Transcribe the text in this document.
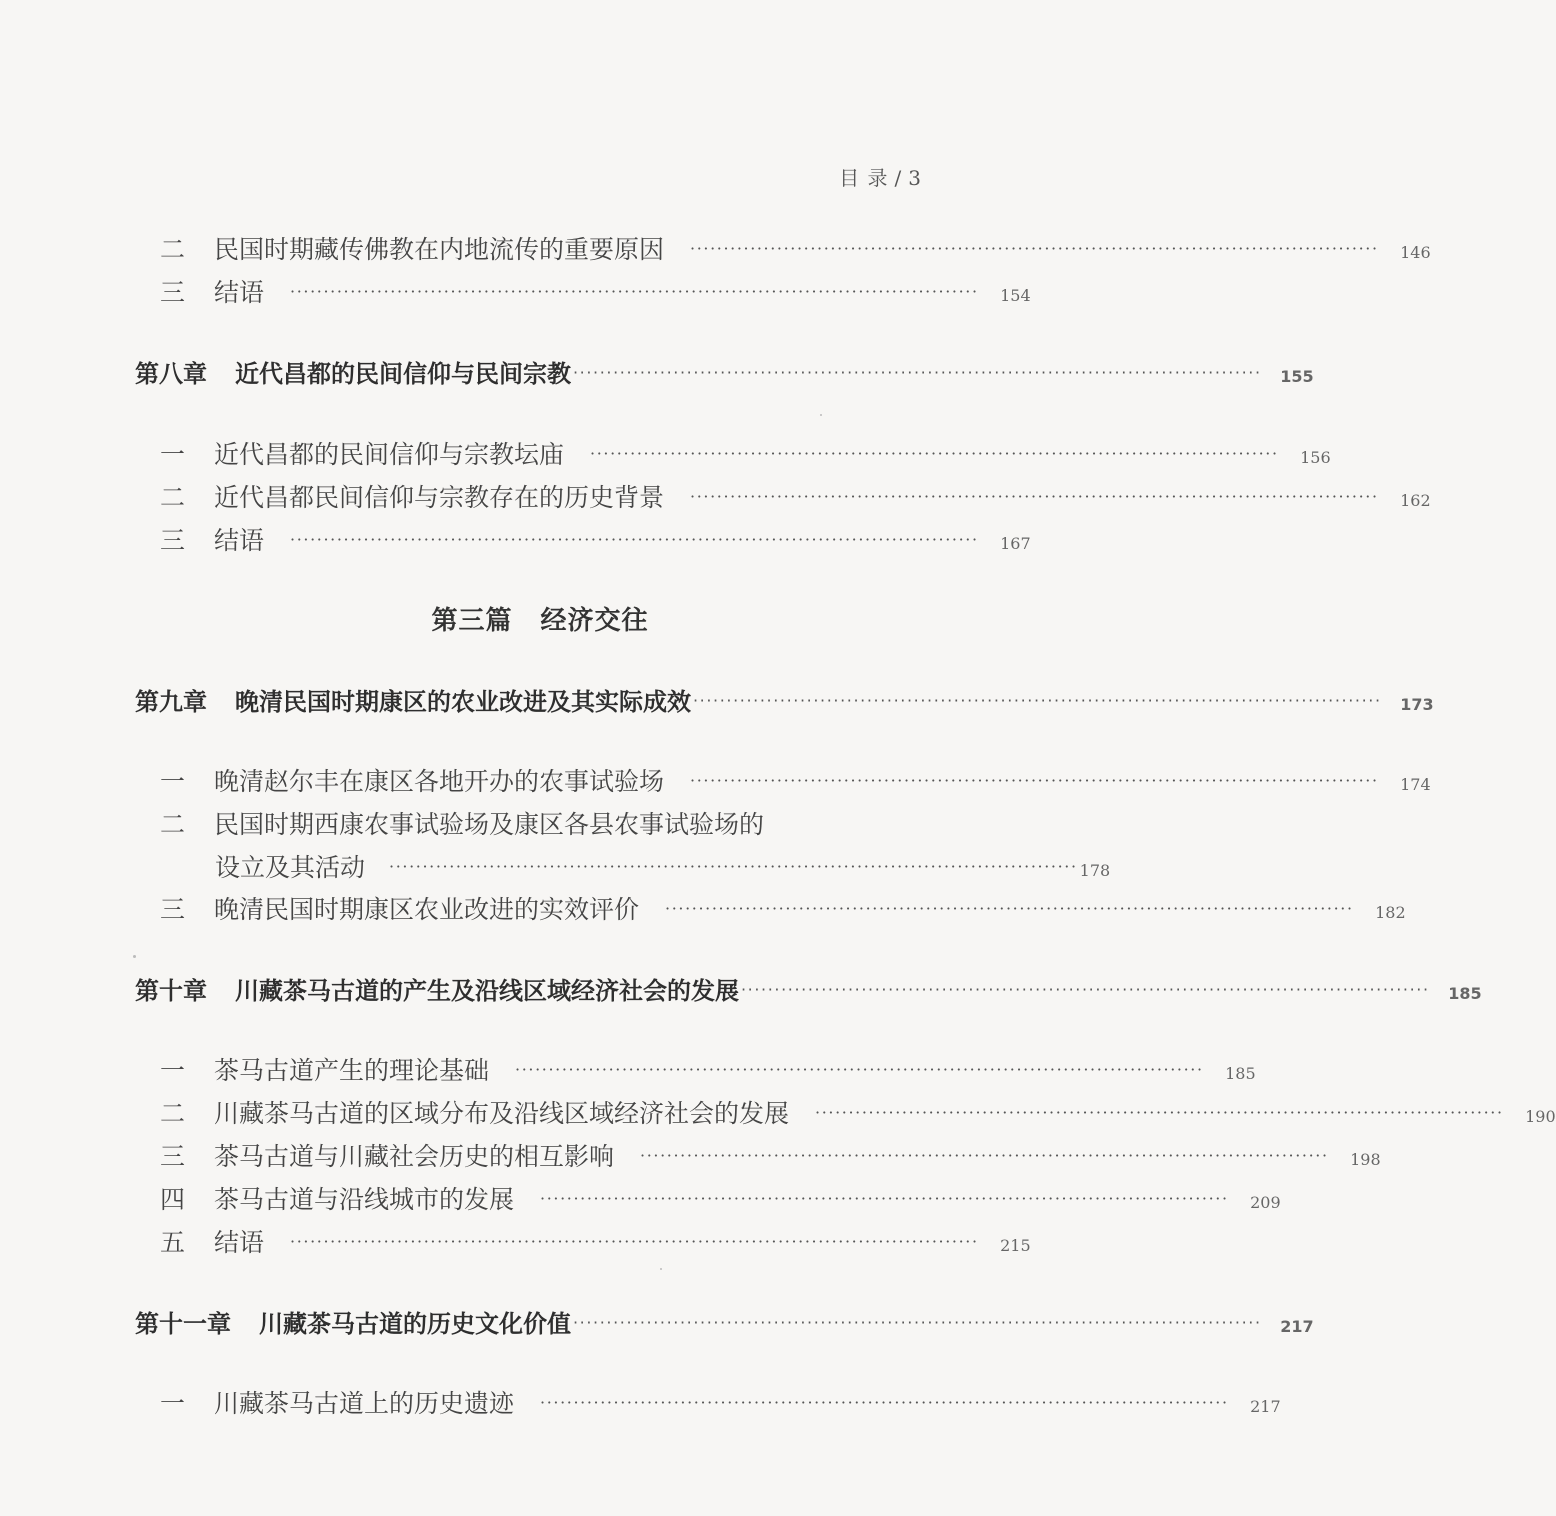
目 录 / 3
二	民国时期藏传佛教在内地流传的重要原因 ······································································································· 146
三	结语 ······································································································· 154
第八章 近代昌都的民间信仰与民间宗教 ······································································································· 155
一	近代昌都的民间信仰与宗教坛庙 ······································································································· 156
二	近代昌都民间信仰与宗教存在的历史背景 ······································································································· 162
三	结语 ······································································································· 167
第三篇 经济交往
第九章 晚清民国时期康区的农业改进及其实际成效 ······································································································· 173
一	晚清赵尔丰在康区各地开办的农事试验场 ······································································································· 174
二	民国时期西康农事试验场及康区各县农事试验场的
设立及其活动 ······································································································· 178
三	晚清民国时期康区农业改进的实效评价 ······································································································· 182
第十章 川藏茶马古道的产生及沿线区域经济社会的发展 ······································································································· 185
一	茶马古道产生的理论基础 ······································································································· 185
二	川藏茶马古道的区域分布及沿线区域经济社会的发展 ······································································································· 190
三	茶马古道与川藏社会历史的相互影响 ······································································································· 198
四	茶马古道与沿线城市的发展 ······································································································· 209
五	结语 ······································································································· 215
第十一章 川藏茶马古道的历史文化价值 ······································································································· 217
一	川藏茶马古道上的历史遗迹 ······································································································· 217
